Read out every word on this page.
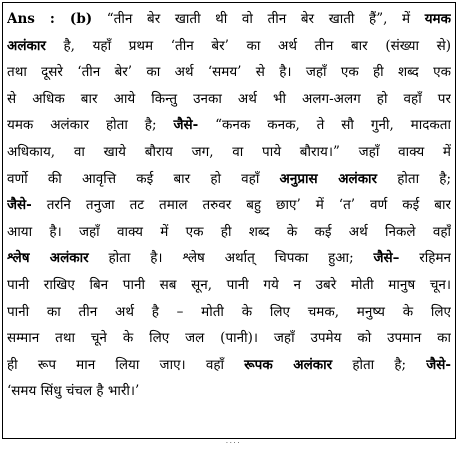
Ans : (b) “तीन बेर खाती थी वो तीन बेर खाती हैं”, में यमक
अलंकार है, यहाँ प्रथम ‘तीन बेर’ का अर्थ तीन बार (संख्या से)
तथा दूसरे ‘तीन बेर’ का अर्थ ‘समय’ से है। जहाँ एक ही शब्द एक
से अधिक बार आये किन्तु उनका अर्थ भी अलग-अलग हो वहाँ पर
यमक अलंकार होता है; जैसे- “कनक कनक, ते सौ गुनी, मादकता
अधिकाय, वा खाये बौराय जग, वा पाये बौराय।” जहाँ वाक्य में
वर्णो की आवृत्ति कई बार हो वहाँ अनुप्रास अलंकार होता है;
जैसे- तरनि तनुजा तट तमाल तरुवर बहु छाए’ में ‘त’ वर्ण कई बार
आया है। जहाँ वाक्य में एक ही शब्द के कई अर्थ निकले वहाँ
श्लेष अलंकार होता है। श्लेष अर्थात् चिपका हुआ; जैसे– रहिमन
पानी राखिए बिन पानी सब सून, पानी गये न उबरे मोती मानुष चून।
पानी का तीन अर्थ है – मोती के लिए चमक, मनुष्य के लिए
सम्मान तथा चूने के लिए जल (पानी)। जहाँ उपमेय को उपमान का
ही रूप मान लिया जाए। वहाँ रूपक अलंकार होता है; जैसे-
‘समय सिंधु चंचल है भारी।’
· · · ·
